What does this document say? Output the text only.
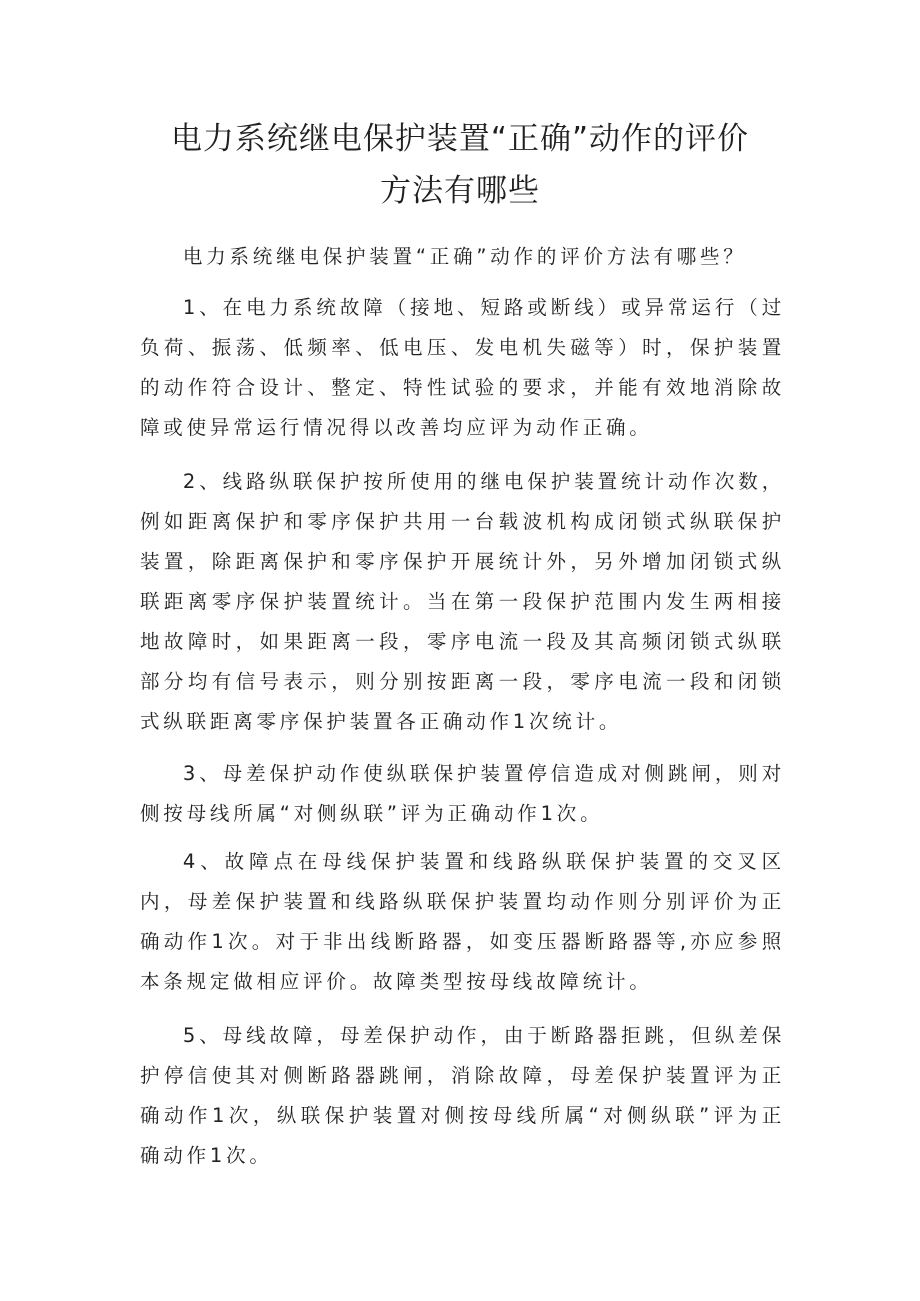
电力系统继电保护装置“正确”动作的评价
方法有哪些

电力系统继电保护装置“正确”动作的评价方法有哪些？

1、在电力系统故障（接地、短路或断线）或异常运行（过负荷、振荡、低频率、低电压、发电机失磁等）时，保护装置的动作符合设计、整定、特性试验的要求，并能有效地消除故障或使异常运行情况得以改善均应评为动作正确。

2、线路纵联保护按所使用的继电保护装置统计动作次数，例如距离保护和零序保护共用一台载波机构成闭锁式纵联保护装置，除距离保护和零序保护开展统计外，另外增加闭锁式纵联距离零序保护装置统计。当在第一段保护范围内发生两相接地故障时，如果距离一段，零序电流一段及其高频闭锁式纵联部分均有信号表示，则分别按距离一段，零序电流一段和闭锁式纵联距离零序保护装置各正确动作1次统计。

3、母差保护动作使纵联保护装置停信造成对侧跳闸，则对侧按母线所属“对侧纵联”评为正确动作1次。

4、故障点在母线保护装置和线路纵联保护装置的交叉区内，母差保护装置和线路纵联保护装置均动作则分别评价为正确动作1次。对于非出线断路器，如变压器断路器等,亦应参照本条规定做相应评价。故障类型按母线故障统计。

5、母线故障，母差保护动作，由于断路器拒跳，但纵差保护停信使其对侧断路器跳闸，消除故障，母差保护装置评为正确动作1次，纵联保护装置对侧按母线所属“对侧纵联”评为正确动作1次。
